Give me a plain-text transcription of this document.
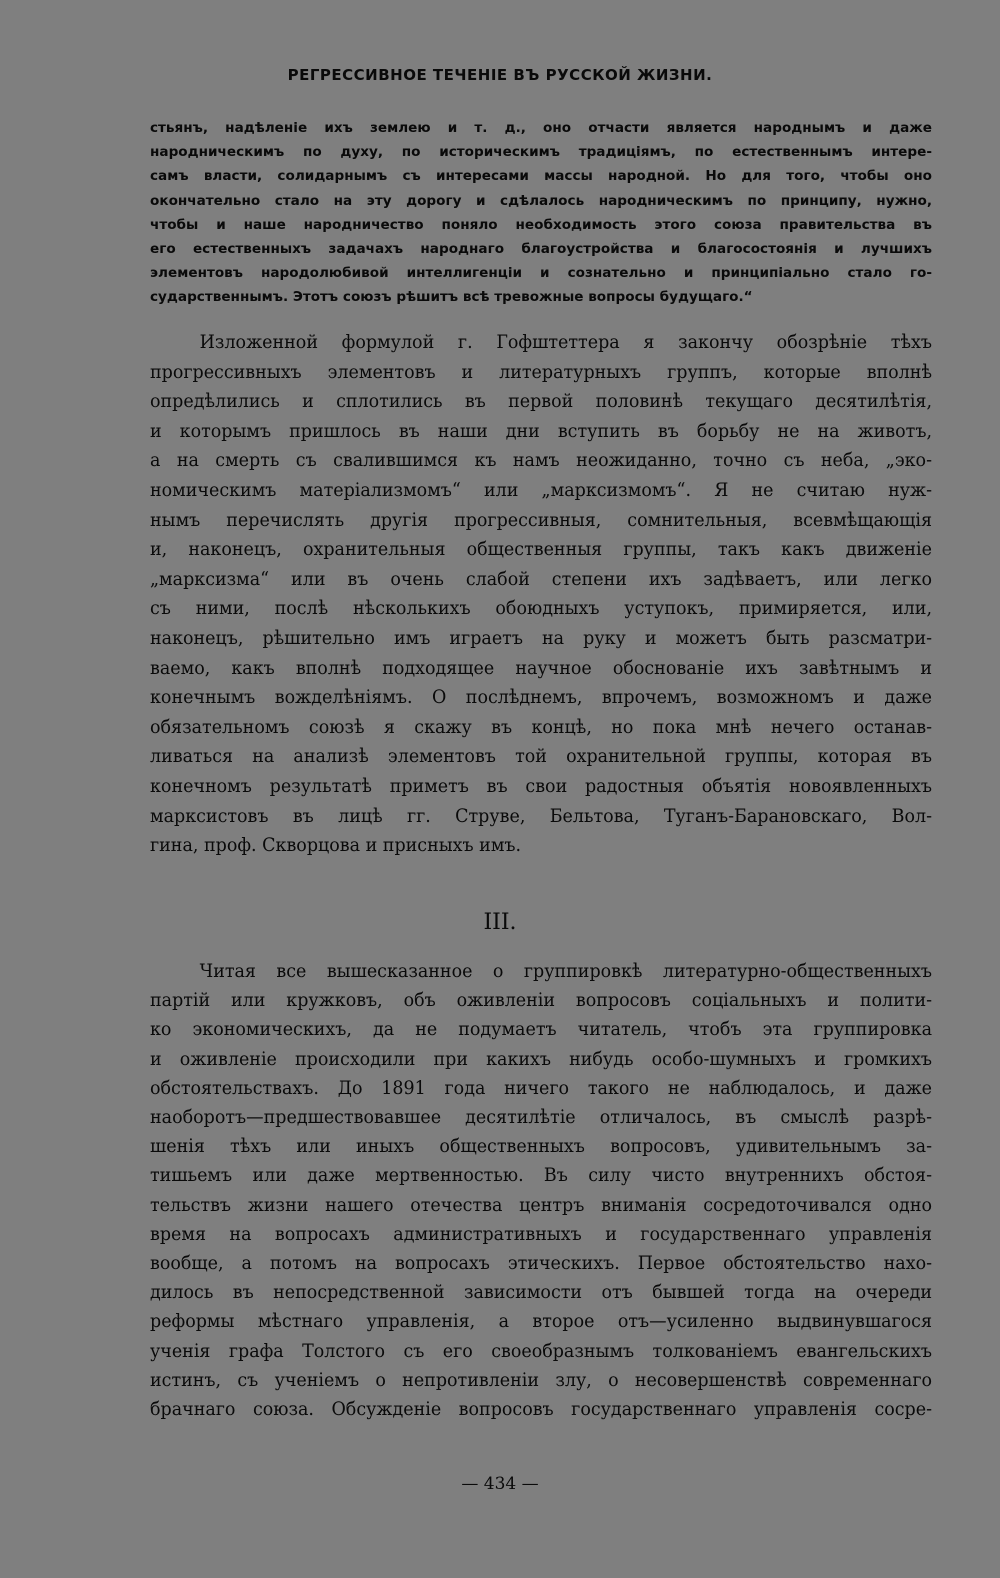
РЕГРЕССИВНОЕ ТЕЧЕНІЕ ВЪ РУССКОЙ ЖИЗНИ.
стьянъ, надѣленіе ихъ землею и т. д., оно отчасти является народнымъ и даже
народническимъ по духу, по историческимъ традиціямъ, по естественнымъ интере-
самъ власти, солидарнымъ съ интересами массы народной. Но для того, чтобы оно
окончательно стало на эту дорогу и сдѣлалось народническимъ по принципу, нужно,
чтобы и наше народничество поняло необходимость этого союза правительства въ
его естественныхъ задачахъ народнаго благоустройства и благосостоянія и лучшихъ
элементовъ народолюбивой интеллигенціи и сознательно и принципіально стало го-
сударственнымъ. Этотъ союзъ рѣшитъ всѣ тревожные вопросы будущаго.“
Изложенной формулой г. Гофштеттера я закончу обозрѣніе тѣхъ
прогрессивныхъ элементовъ и литературныхъ группъ, которые вполнѣ
опредѣлились и сплотились въ первой половинѣ текущаго десятилѣтія,
и которымъ пришлось въ наши дни вступить въ борьбу не на животъ,
а на смерть съ свалившимся къ намъ неожиданно, точно съ неба, „эко-
номическимъ матеріализмомъ“ или „марксизмомъ“. Я не считаю нуж-
нымъ перечислять другія прогрессивныя, сомнительныя, всевмѣщающія
и, наконецъ, охранительныя общественныя группы, такъ какъ движеніе
„марксизма“ или въ очень слабой степени ихъ задѣваетъ, или легко
съ ними, послѣ нѣсколькихъ обоюдныхъ уступокъ, примиряется, или,
наконецъ, рѣшительно имъ играетъ на руку и можетъ быть разсматри-
ваемо, какъ вполнѣ подходящее научное обоснованіе ихъ завѣтнымъ и
конечнымъ вожделѣніямъ. О послѣднемъ, впрочемъ, возможномъ и даже
обязательномъ союзѣ я скажу въ концѣ, но пока мнѣ нечего останав-
ливаться на анализѣ элементовъ той охранительной группы, которая въ
конечномъ результатѣ приметъ въ свои радостныя объятія новоявленныхъ
марксистовъ въ лицѣ гг. Струве, Бельтова, Туганъ-Барановскаго, Вол-
гина, проф. Скворцова и присныхъ имъ.
III.
Читая все вышесказанное о группировкѣ литературно-общественныхъ
партій или кружковъ, объ оживленіи вопросовъ соціальныхъ и полити-
ко экономическихъ, да не подумаетъ читатель, чтобъ эта группировка
и оживленіе происходили при какихъ нибудь особо-шумныхъ и громкихъ
обстоятельствахъ. До 1891 года ничего такого не наблюдалось, и даже
наоборотъ—предшествовавшее десятилѣтіе отличалось, въ смыслѣ разрѣ-
шенія тѣхъ или иныхъ общественныхъ вопросовъ, удивительнымъ за-
тишьемъ или даже мертвенностью. Въ силу чисто внутреннихъ обстоя-
тельствъ жизни нашего отечества центръ вниманія сосредоточивался одно
время на вопросахъ административныхъ и государственнаго управленія
вообще, а потомъ на вопросахъ этическихъ. Первое обстоятельство нахо-
дилось въ непосредственной зависимости отъ бывшей тогда на очереди
реформы мѣстнаго управленія, а второе отъ—усиленно выдвинувшагося
ученія графа Толстого съ его своеобразнымъ толкованіемъ евангельскихъ
истинъ, съ ученіемъ о непротивленіи злу, о несовершенствѣ современнаго
брачнаго союза. Обсужденіе вопросовъ государственнаго управленія сосре-
— 434 —
